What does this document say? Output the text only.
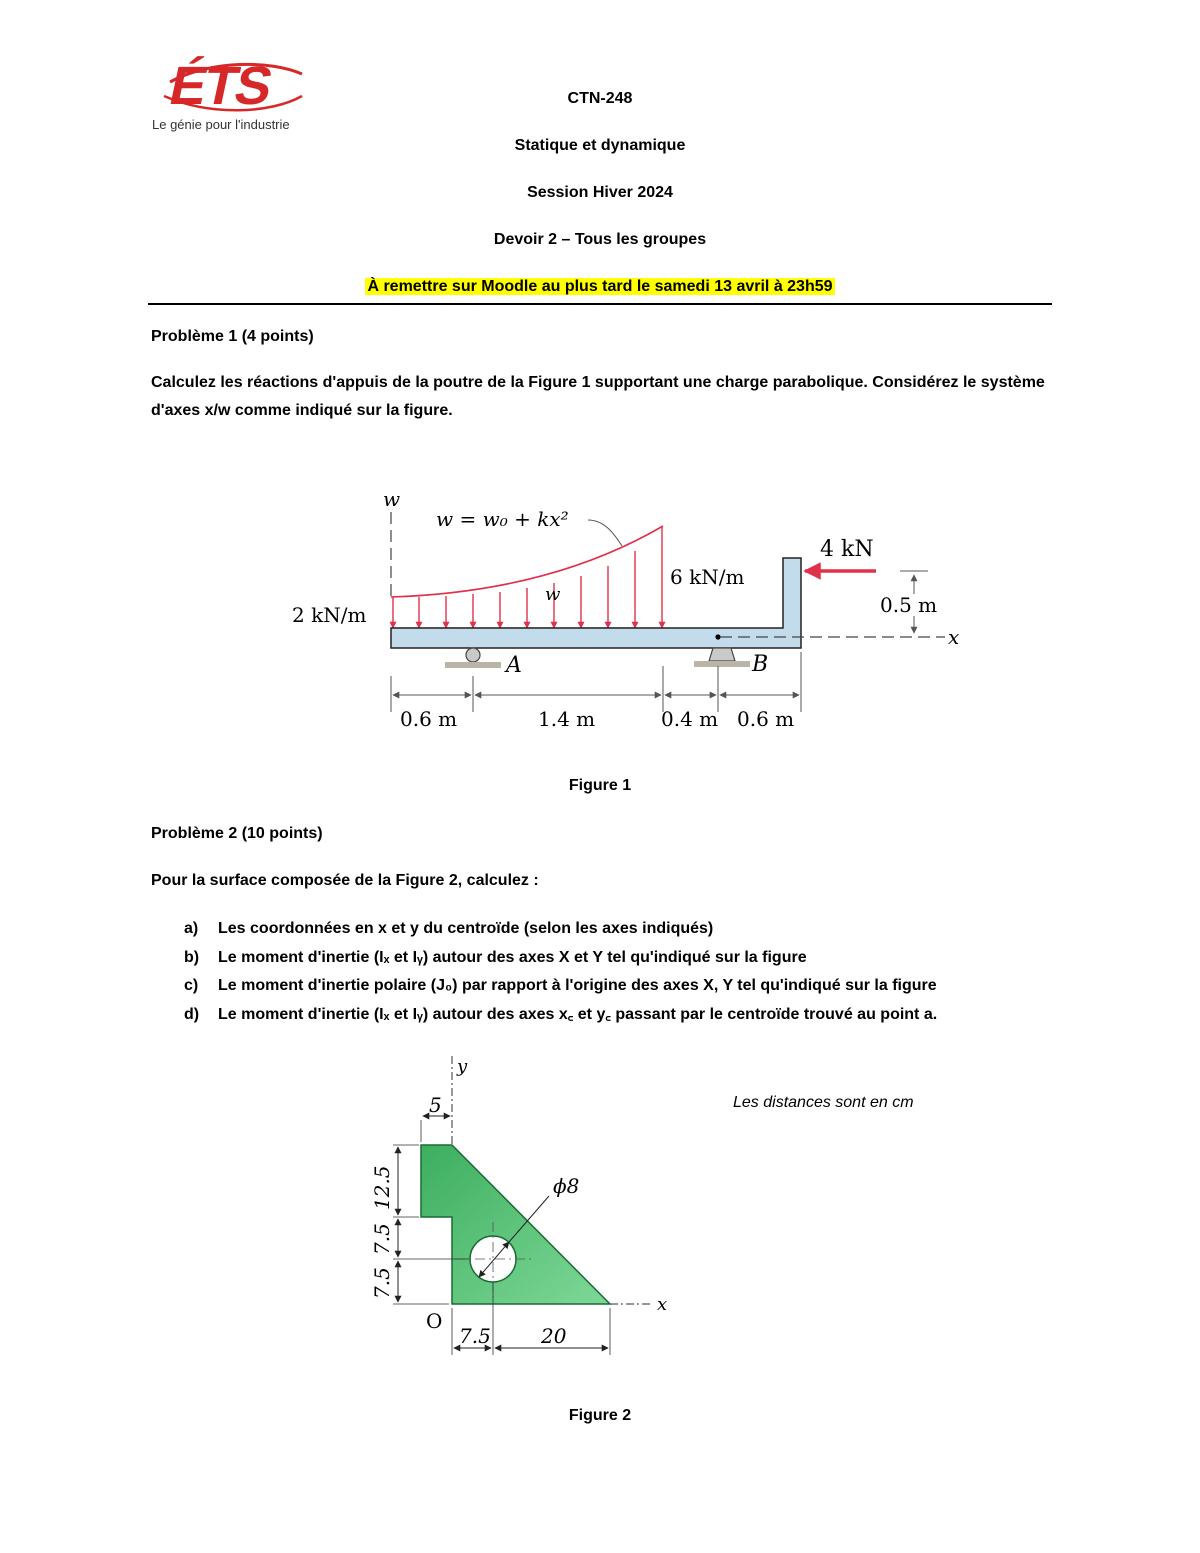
ÉTS
Le génie pour l'industrie
CTN-248
Statique et dynamique
Session Hiver 2024
Devoir 2 – Tous les groupes
À remettre sur Moodle au plus tard le samedi 13 avril à 23h59
Problème 1 (4 points)
Calculez les réactions d'appuis de la poutre de la Figure 1 supportant une charge parabolique. Considérez le système d'axes x/w comme indiqué sur la figure.
w
w = w₀ + kx²
w
2 kN/m
6 kN/m
A	B
x
4 kN
0.5 m
0.6 m	1.4 m	0.4 m 0.6 m
Figure 1
Problème 2 (10 points)
Pour la surface composée de la Figure 2, calculez :
a) Les coordonnées en x et y du centroïde (selon les axes indiqués)
b) Le moment d'inertie (Iₓ et Iᵧ) autour des axes X et Y tel qu'indiqué sur la figure
c) Le moment d'inertie polaire (J₀) par rapport à l'origine des axes X, Y tel qu'indiqué sur la figure
d) Le moment d'inertie (Iₓ et Iᵧ) autour des axes x꜀ et y꜀ passant par le centroïde trouvé au point a.
ϕ8
y
x
O
5
12.5
7.5
7.5
7.5	20
Les distances sont en cm
Figure 2
